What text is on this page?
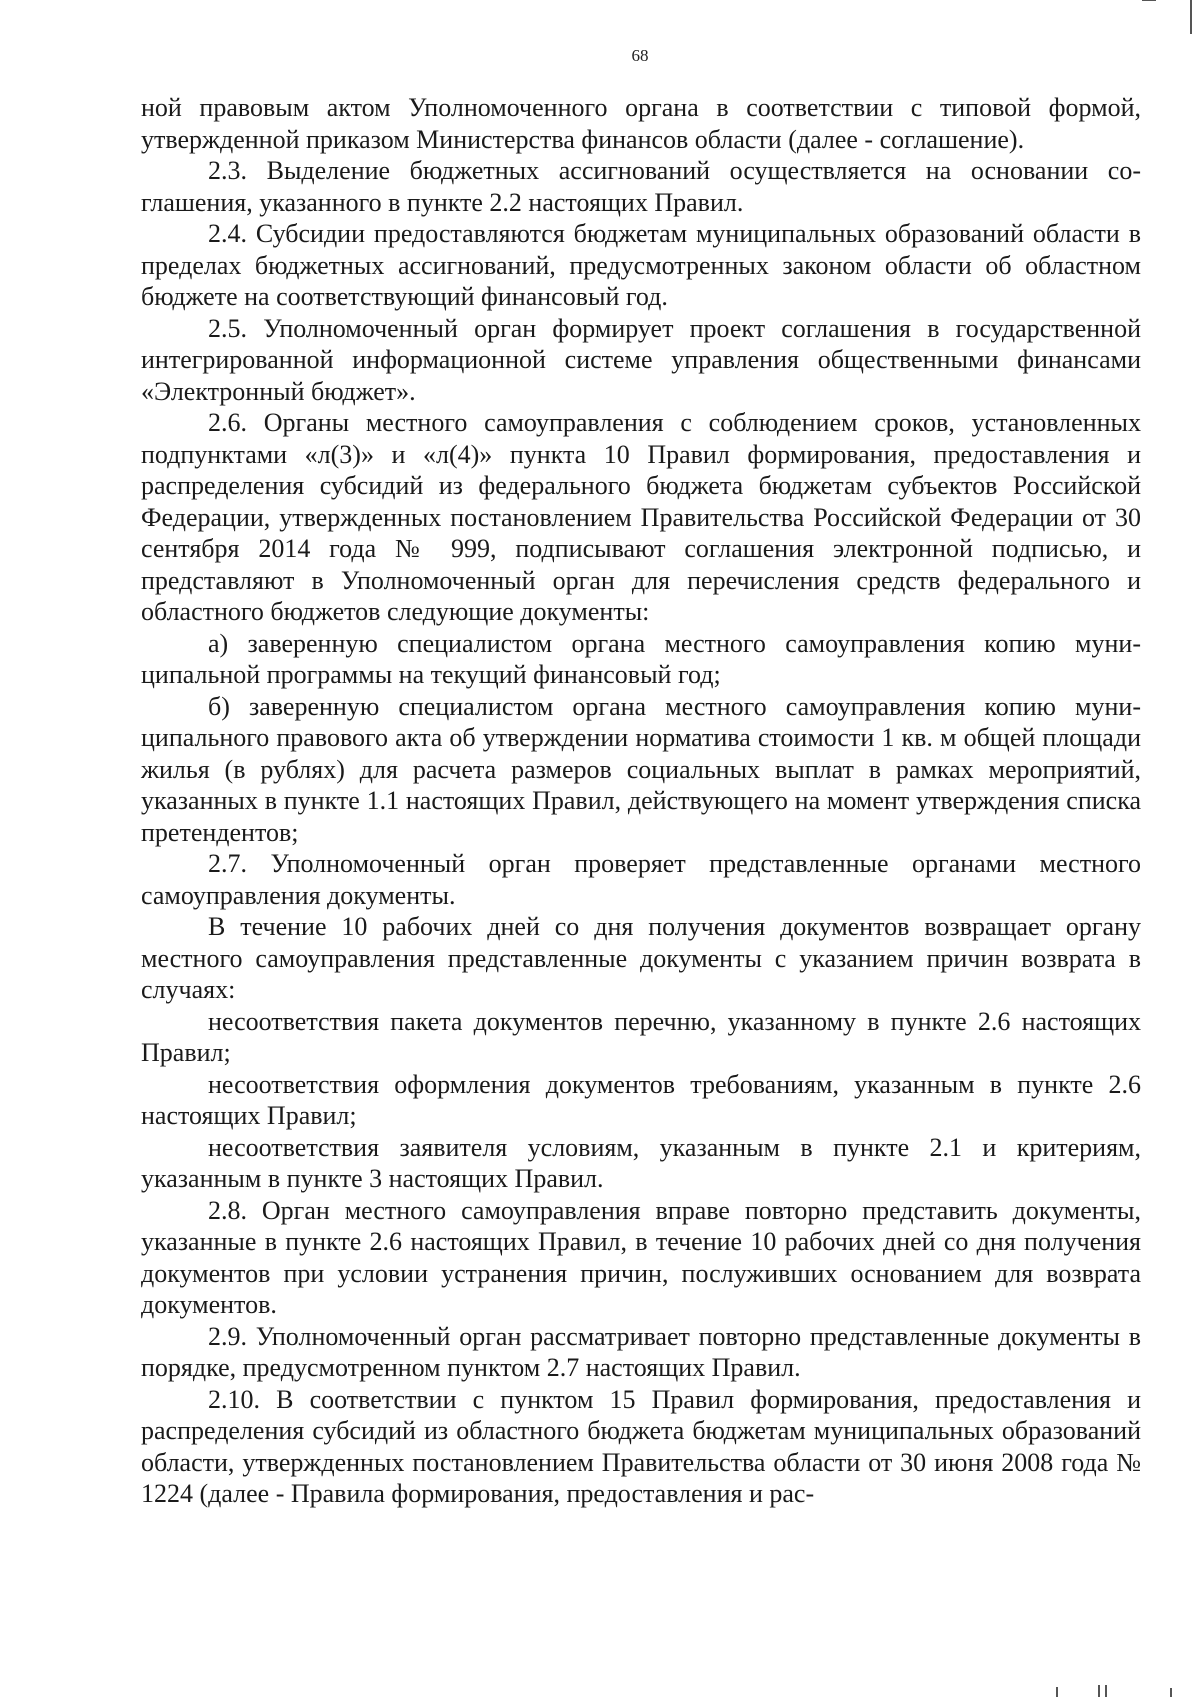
68

ной правовым актом Уполномоченного органа в соответствии с типовой формой, утвержденной приказом Министерства финансов области (далее - соглашение).

2.3. Выделение бюджетных ассигнований осуществляется на основании соглашения, указанного в пункте 2.2 настоящих Правил.

2.4. Субсидии предоставляются бюджетам муниципальных образований области в пределах бюджетных ассигнований, предусмотренных законом области об областном бюджете на соответствующий финансовый год.

2.5. Уполномоченный орган формирует проект соглашения в государственной интегрированной информационной системе управления общественными финансами «Электронный бюджет».

2.6. Органы местного самоуправления с соблюдением сроков, установленных подпунктами «л(3)» и «л(4)» пункта 10 Правил формирования, предоставления и распределения субсидий из федерального бюджета бюджетам субъектов Российской Федерации, утвержденных постановлением Правительства Российской Федерации от 30 сентября 2014 года № 999, подписывают соглашения электронной подписью, и представляют в Уполномоченный орган для перечисления средств федерального и областного бюджетов следующие документы:

а) заверенную специалистом органа местного самоуправления копию муниципальной программы на текущий финансовый год;

б) заверенную специалистом органа местного самоуправления копию муниципального правового акта об утверждении норматива стоимости 1 кв. м общей площади жилья (в рублях) для расчета размеров социальных выплат в рамках мероприятий, указанных в пункте 1.1 настоящих Правил, действующего на момент утверждения списка претендентов;

2.7. Уполномоченный орган проверяет представленные органами местного самоуправления документы.

В течение 10 рабочих дней со дня получения документов возвращает органу местного самоуправления представленные документы с указанием причин возврата в случаях:

несоответствия пакета документов перечню, указанному в пункте 2.6 настоящих Правил;

несоответствия оформления документов требованиям, указанным в пункте 2.6 настоящих Правил;

несоответствия заявителя условиям, указанным в пункте 2.1 и критериям, указанным в пункте 3 настоящих Правил.

2.8. Орган местного самоуправления вправе повторно представить документы, указанные в пункте 2.6 настоящих Правил, в течение 10 рабочих дней со дня получения документов при условии устранения причин, послуживших основанием для возврата документов.

2.9. Уполномоченный орган рассматривает повторно представленные документы в порядке, предусмотренном пунктом 2.7 настоящих Правил.

2.10. В соответствии с пунктом 15 Правил формирования, предоставления и распределения субсидий из областного бюджета бюджетам муниципальных образований области, утвержденных постановлением Правительства области от 30 июня 2008 года № 1224 (далее - Правила формирования, предоставления и рас-
